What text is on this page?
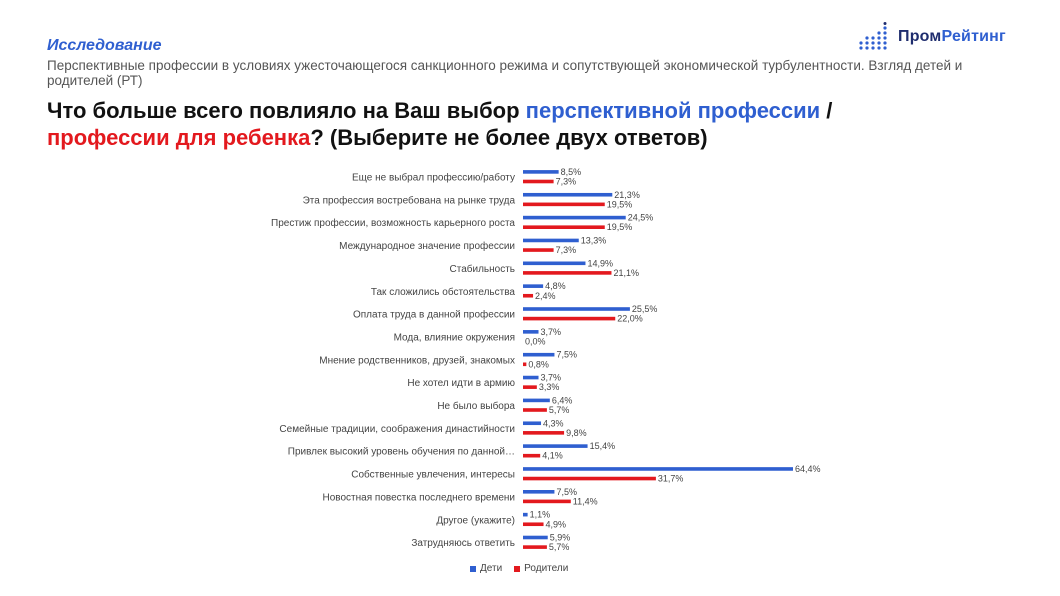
Исследование
Перспективные профессии в условиях ужесточающегося санкционного режима и сопутствующей экономической турбулентности. Взгляд детей и родителей (РТ)
Что больше всего повлияло на Ваш выбор перспективной профессии /
профессии для ребенка? (Выберите не более двух ответов)
ПромРейтинг
Еще не выбрал профессию/работу
8,5%
7,3%
Эта профессия востребована на рынке труда
21,3%
19,5%
Престиж профессии, возможность карьерного роста
24,5%
19,5%
Международное значение профессии
13,3%
7,3%
Стабильность
14,9%
21,1%
Так сложились обстоятельства
4,8%
2,4%
Оплата труда в данной профессии
25,5%
22,0%
Мода, влияние окружения
3,7%
0,0%
Мнение родственников, друзей, знакомых
7,5%
0,8%
Не хотел идти в армию
3,7%
3,3%
Не было выбора
6,4%
5,7%
Семейные традиции, соображения династийности
4,3%
9,8%
Привлек высокий уровень обучения по данной…
15,4%
4,1%
Собственные увлечения, интересы
64,4%
31,7%
Новостная повестка последнего времени
7,5%
11,4%
Другое (укажите)
1,1%
4,9%
Затрудняюсь ответить
5,9%
5,7%
Дети Родители
